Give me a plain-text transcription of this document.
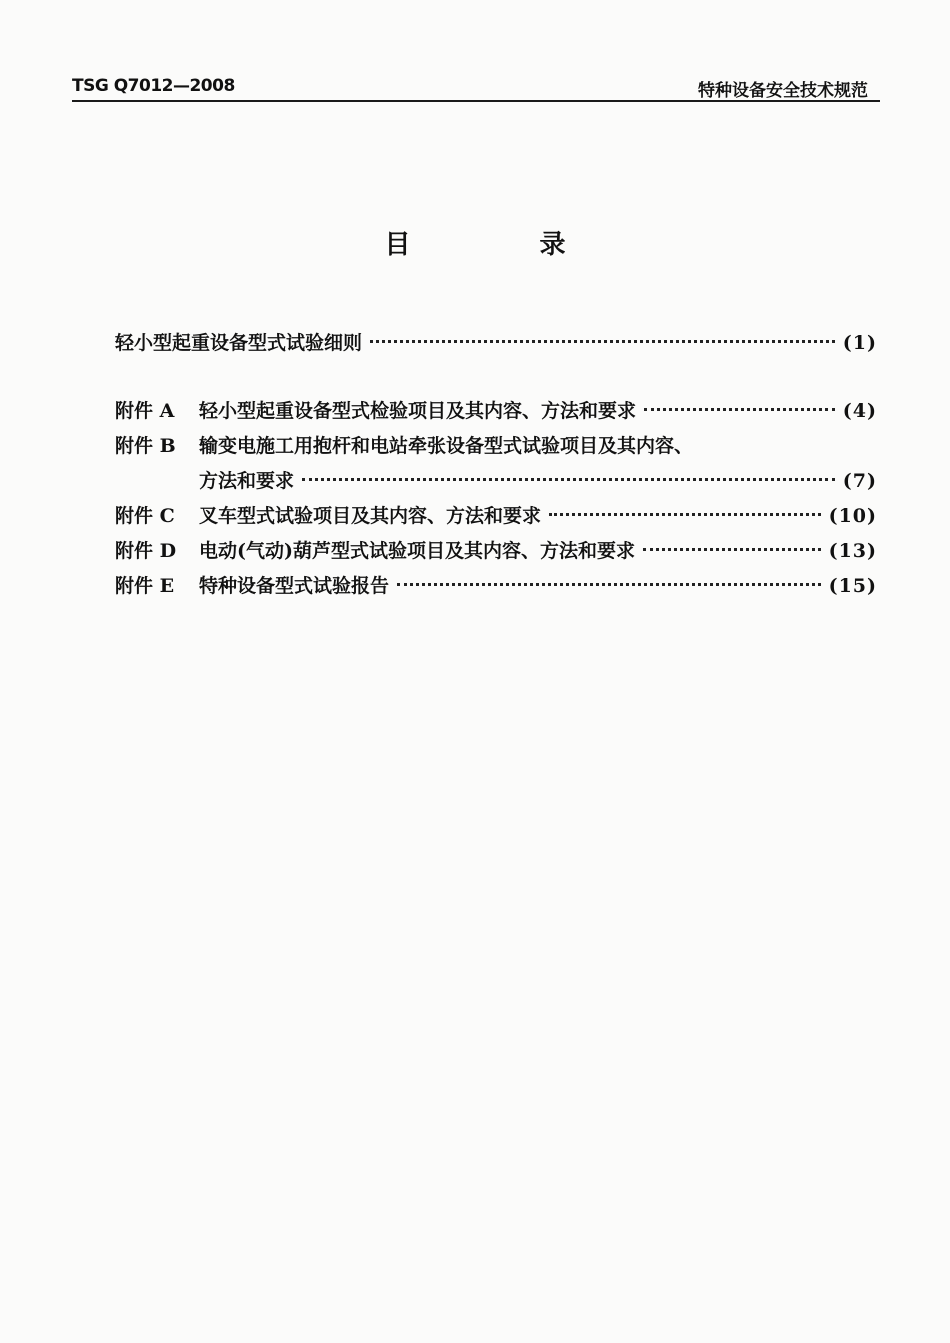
TSG Q7012—2008	特种设备安全技术规范
目 录
轻小型起重设备型式试验细则	(1)
附件 A	轻小型起重设备型式检验项目及其内容、方法和要求	(4)
附件 B	输变电施工用抱杆和电站牵张设备型式试验项目及其内容、
方法和要求	(7)
附件 C	叉车型式试验项目及其内容、方法和要求	(10)
附件 D	电动(气动)葫芦型式试验项目及其内容、方法和要求	(13)
附件 E	特种设备型式试验报告	(15)
